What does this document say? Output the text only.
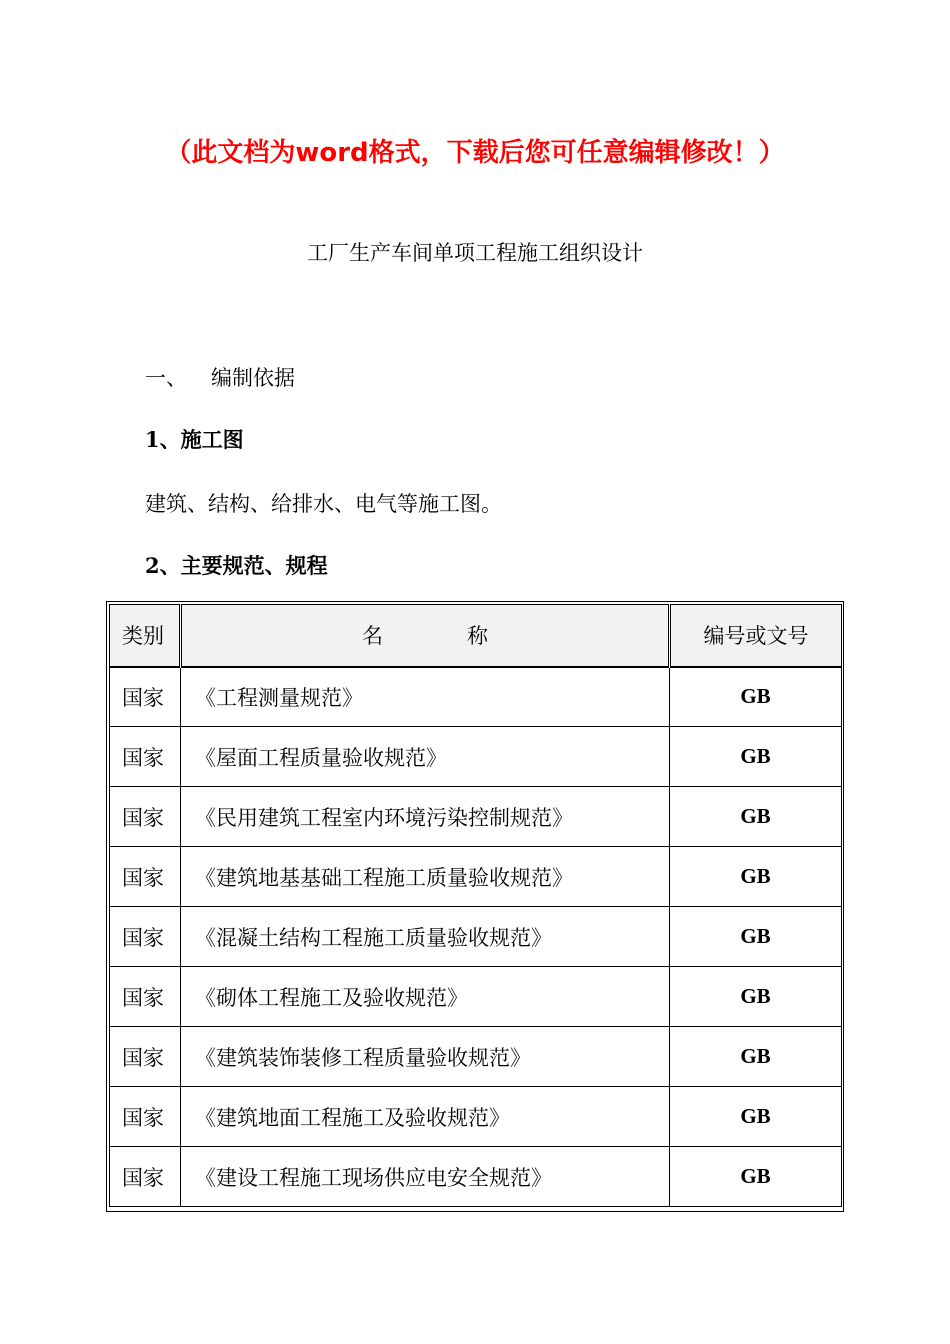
（此文档为word格式，下载后您可任意编辑修改！）
工厂生产车间单项工程施工组织设计
一、 编制依据
1、施工图
建筑、结构、给排水、电气等施工图。
2、主要规范、规程
类别	名　　　　称	编号或文号
国家	《工程测量规范》	GB
国家	《屋面工程质量验收规范》	GB
国家	《民用建筑工程室内环境污染控制规范》	GB
国家	《建筑地基基础工程施工质量验收规范》	GB
国家	《混凝土结构工程施工质量验收规范》	GB
国家	《砌体工程施工及验收规范》	GB
国家	《建筑装饰装修工程质量验收规范》	GB
国家	《建筑地面工程施工及验收规范》	GB
国家	《建设工程施工现场供应电安全规范》	GB
